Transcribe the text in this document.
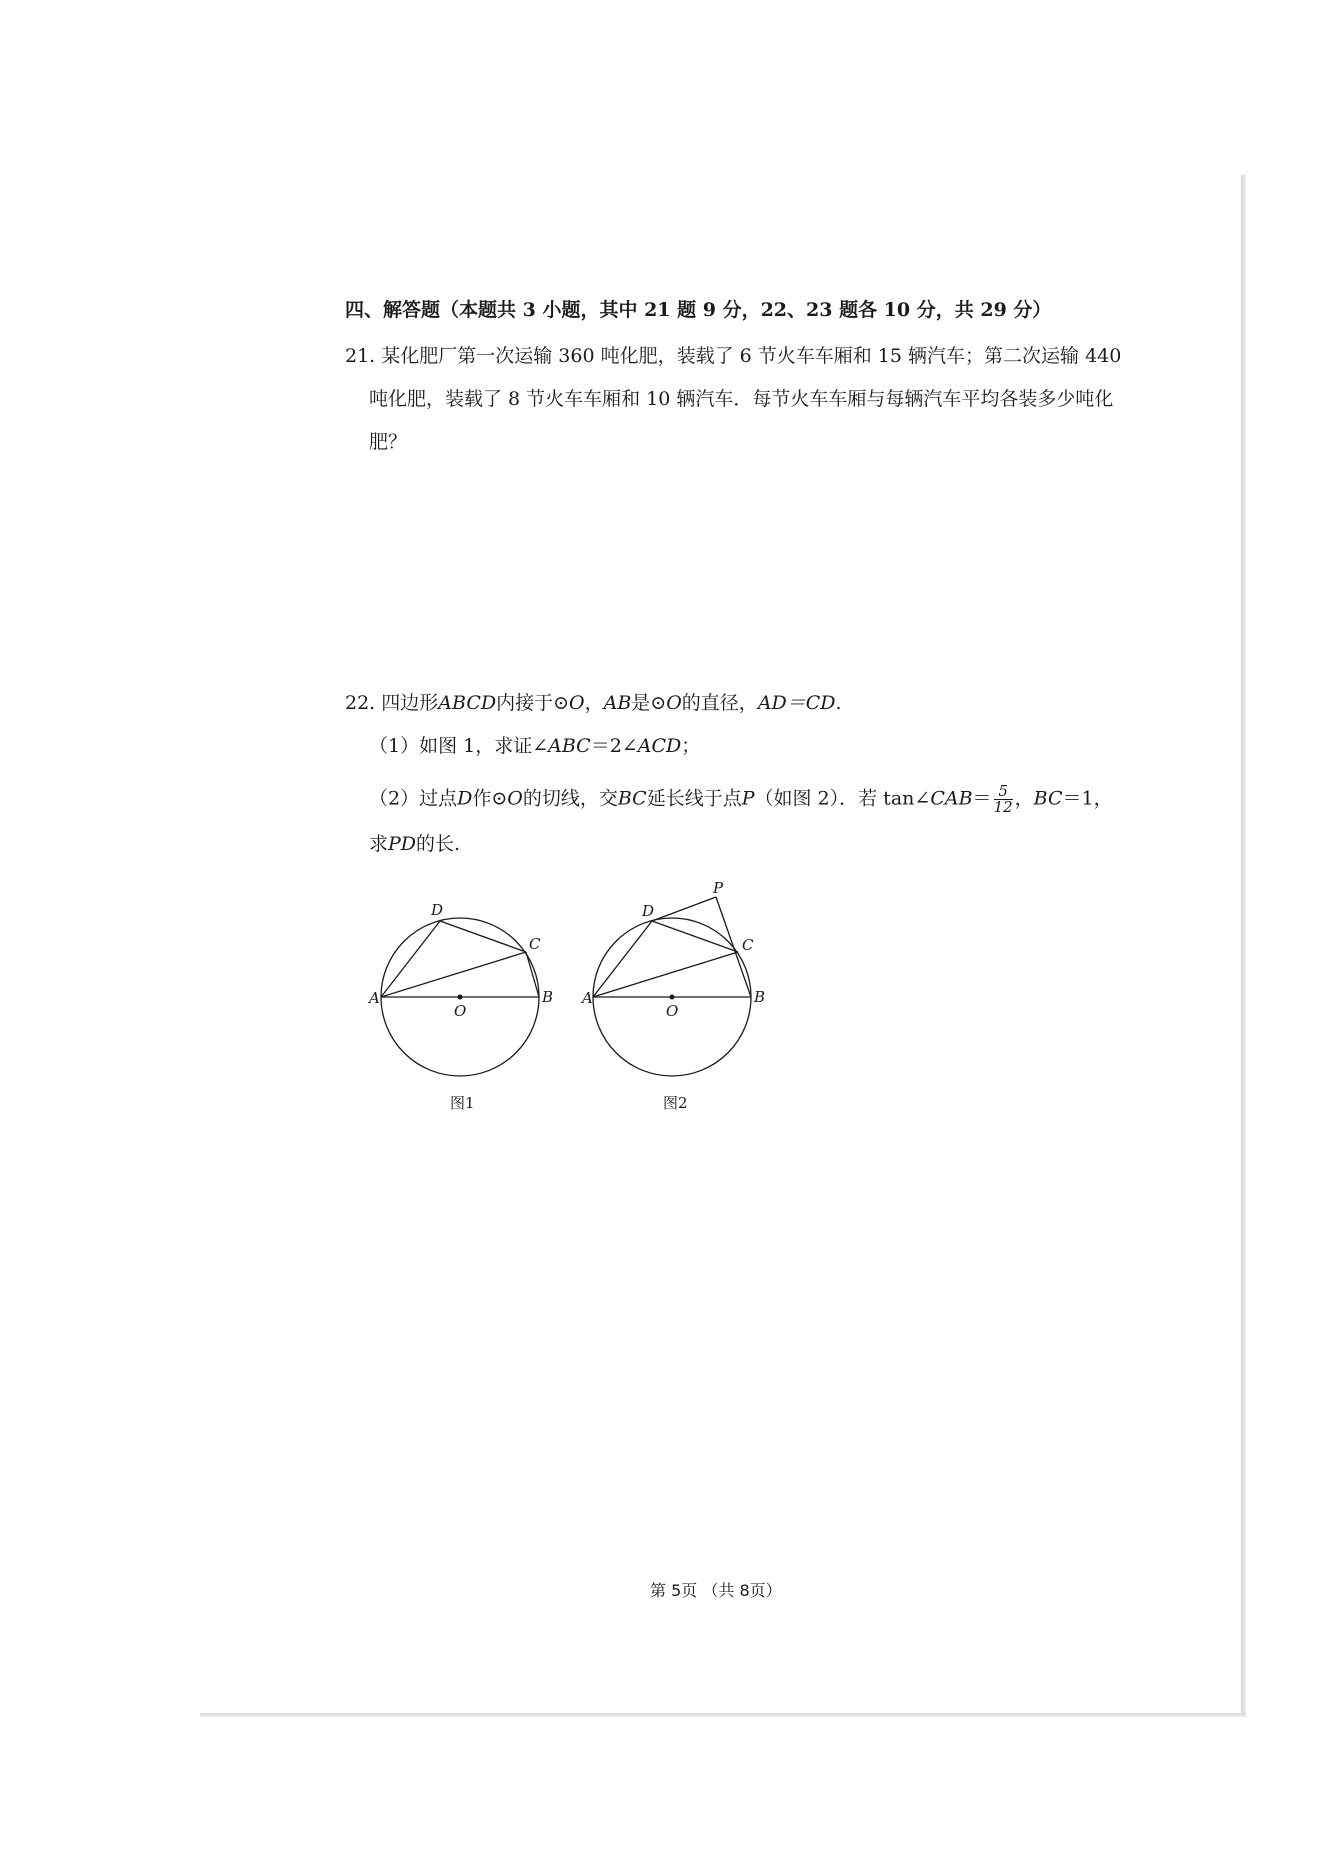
四、解答题（本题共 3 小题，其中 21 题 9 分，22、23 题各 10 分，共 29 分）
21. 某化肥厂第一次运输 360 吨化肥，装载了 6 节火车车厢和 15 辆汽车；第二次运输 440
吨化肥，装载了 8 节火车车厢和 10 辆汽车．每节火车车厢与每辆汽车平均各装多少吨化
肥？
22. 四边形ABCD内接于⊙O，AB是⊙O的直径，AD＝CD.
（1）如图 1，求证∠ABC＝2∠ACD；
（2）过点D作⊙O的切线，交BC延长线于点P（如图 2）．若 tan∠CAB＝ $\frac{5}{12}$ ，BC＝1，
求PD的长.
A	B
C
D
O
图1
A	B
C
D
O
P
图2
第 5页 （共 8页）
